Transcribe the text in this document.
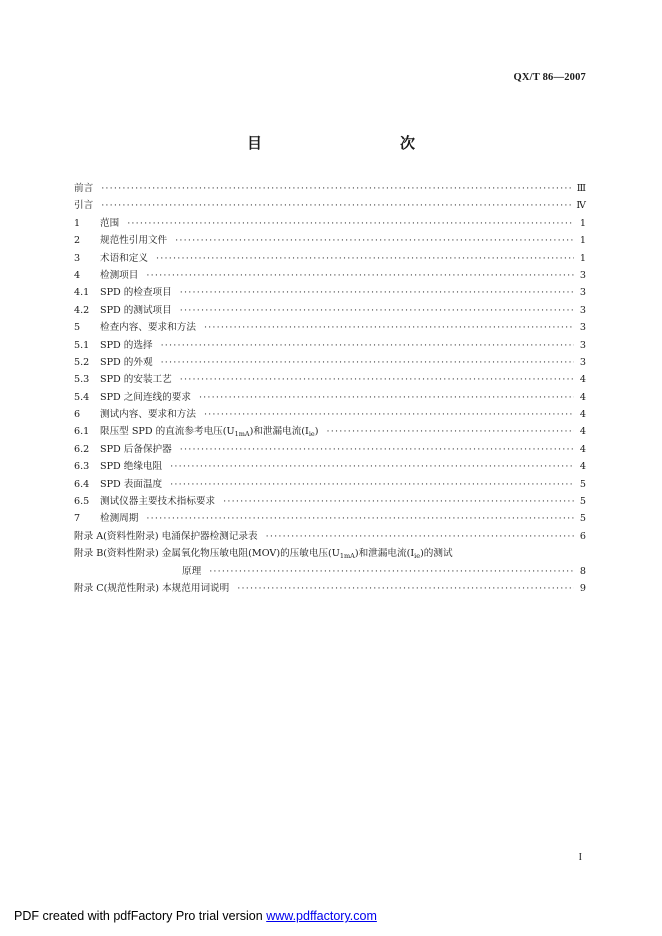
QX/T 86—2007
目　　次
前言 ·····	Ⅲ
引言 ·····	Ⅳ
1	范围 ·····	1
2	规范性引用文件 ·····	1
3	术语和定义 ·····	1
4	检测项目 ·····	3
4.1	SPD 的检查项目 ·····	3
4.2	SPD 的测试项目 ·····	3
5	检查内容、要求和方法 ·····	3
5.1	SPD 的选择 ·····	3
5.2	SPD 的外观 ·····	3
5.3	SPD 的安装工艺 ·····	4
5.4	SPD 之间连线的要求 ·····	4
6	测试内容、要求和方法 ·····	4
6.1	限压型 SPD 的直流参考电压$(U_{1mA})$和泄漏电流$(I_{ie})$ ·····	4
6.2	SPD 后备保护器 ·····	4
6.3	SPD 绝缘电阻 ·····	4
6.4	SPD 表面温度 ·····	5
6.5	测试仪器主要技术指标要求 ·····	5
7	检测周期 ·····	5
附录 A(资料性附录) 电涌保护器检测记录表 ·····	6
附录 B(资料性附录) 金属氧化物压敏电阻(MOV)的压敏电压$(U_{1mA})$和泄漏电流$(I_{ie})$的测试
原理 ·····	8
附录 C(规范性附录) 本规范用词说明 ·····	9
I
PDF created with pdfFactory Pro trial version www.pdffactory.com
